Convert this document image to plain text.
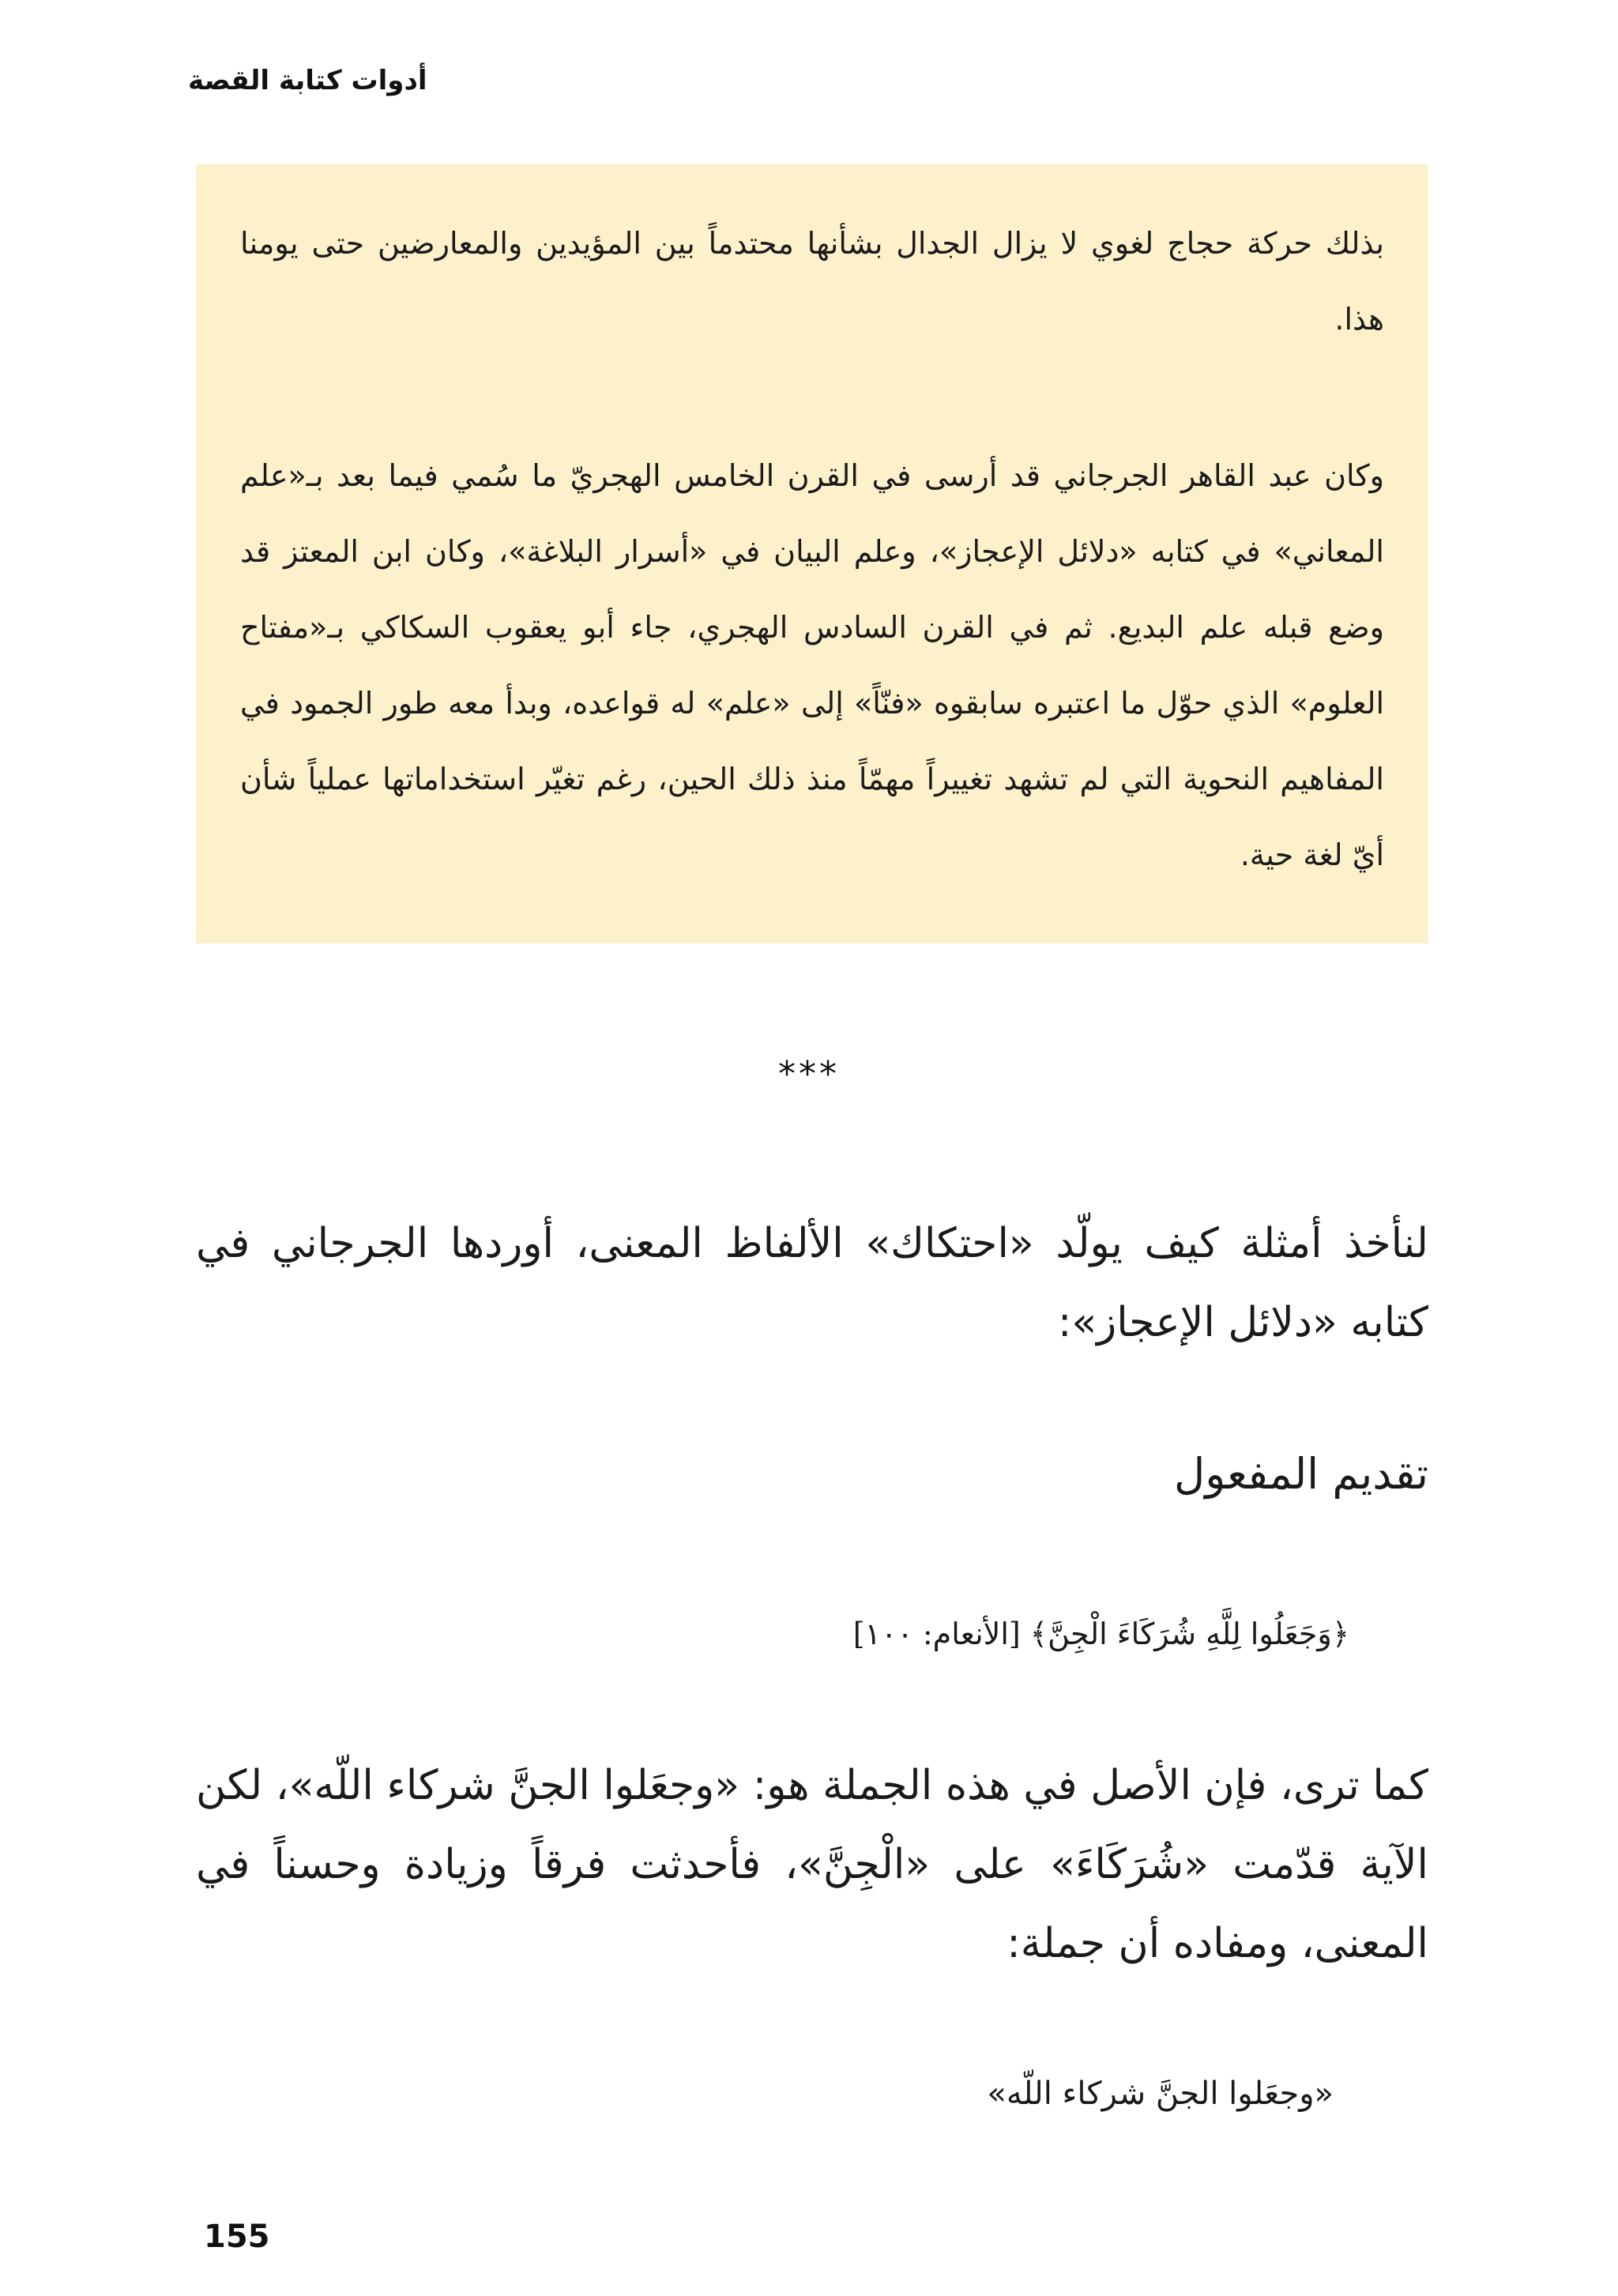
أدوات كتابة القصة

بذلك حركة حجاج لغوي لا يزال الجدال بشأنها محتدماً بين المؤيدين والمعارضين حتى يومنا هذا.

وكان عبد القاهر الجرجاني قد أرسى في القرن الخامس الهجريّ ما سُمي فيما بعد بـ«علم المعاني» في كتابه «دلائل الإعجاز»، وعلم البيان في «أسرار البلاغة»، وكان ابن المعتز قد وضع قبله علم البديع. ثم في القرن السادس الهجري، جاء أبو يعقوب السكاكي بـ«مفتاح العلوم» الذي حوّل ما اعتبره سابقوه «فنّاً» إلى «علم» له قواعده، وبدأ معه طور الجمود في المفاهيم النحوية التي لم تشهد تغييراً مهمّاً منذ ذلك الحين، رغم تغيّر استخداماتها عملياً شأن أيّ لغة حية.

***

لنأخذ أمثلة كيف يولّد «احتكاك» الألفاظ المعنى، أوردها الجرجاني في كتابه «دلائل الإعجاز»:

تقديم المفعول

﴿وَجَعَلُوا لِلَّهِ شُرَكَاءَ الْجِنَّ﴾ [الأنعام: ١٠٠]

كما ترى، فإن الأصل في هذه الجملة هو: «وجعَلوا الجنَّ شركاء اللّه»، لكن الآية قدّمت «شُرَكَاءَ» على «الْجِنَّ»، فأحدثت فرقاً وزيادة وحسناً في المعنى، ومفاده أن جملة:

«وجعَلوا الجنَّ شركاء اللّه»

155
